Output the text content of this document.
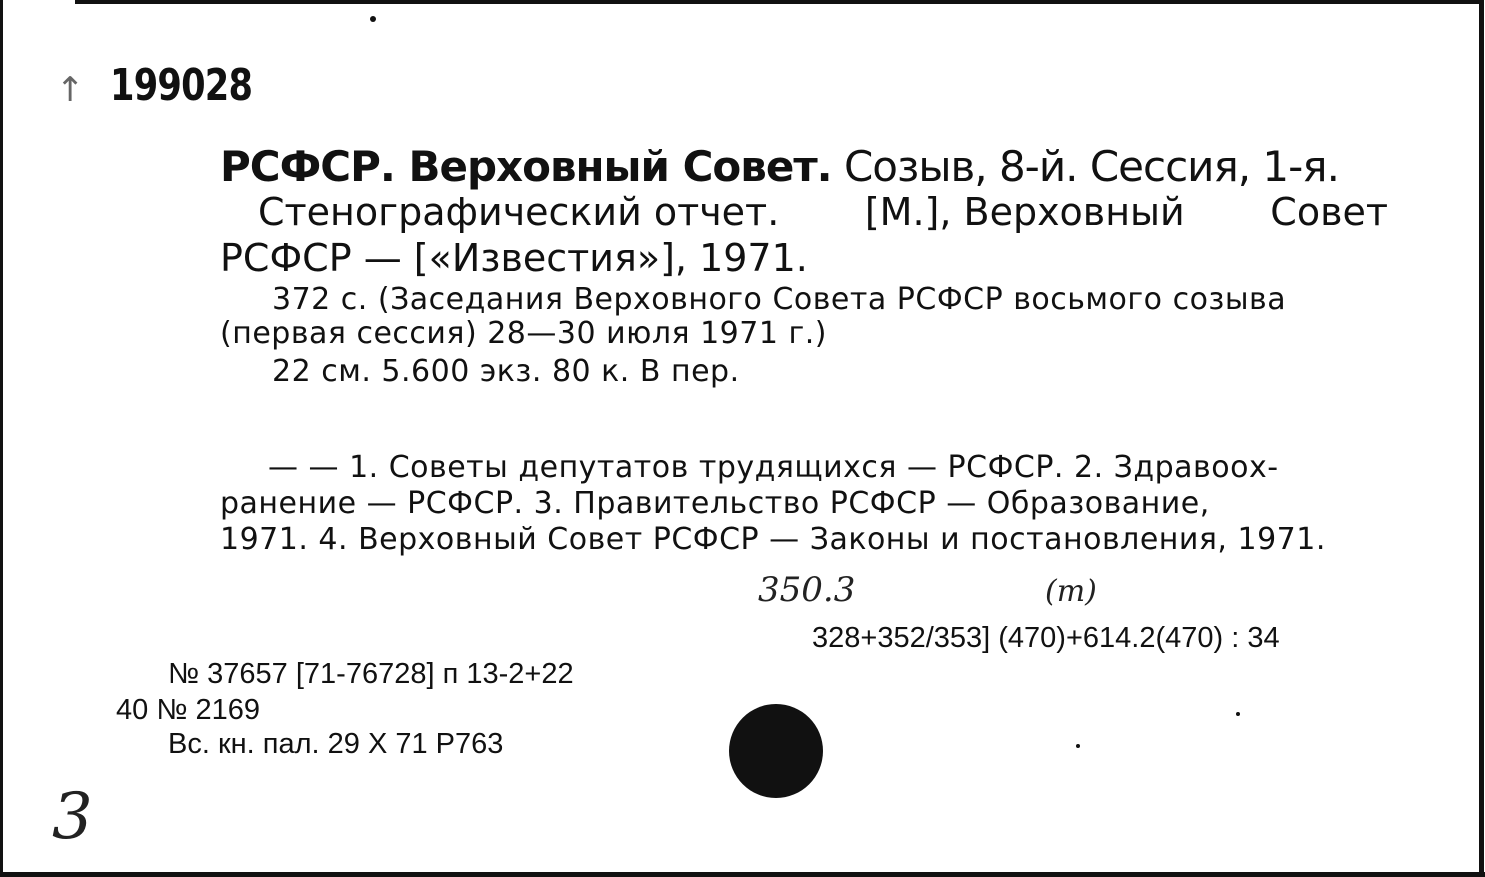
199028
↑
РСФСР. Верховный Совет. Созыв, 8-й. Сессия, 1-я.
Стенографический отчет. [М.], Верховный Совет
РСФСР — [«Известия»], 1971.
372 с. (Заседания Верховного Совета РСФСР восьмого созыва
(первая сессия) 28—30 июля 1971 г.)
22 см. 5.600 экз. 80 к. В пер.
— — 1. Советы депутатов трудящихся — РСФСР. 2. Здравоох-
ранение — РСФСР. 3. Правительство РСФСР — Образование,
1971. 4. Верховный Совет РСФСР — Законы и постановления, 1971.
350.3	(т)
328+352/353] (470)+614.2(470) : 34
№ 37657 [71-76728] п 13-2+22
40 № 2169
Вс. кн. пал. 29 X 71 Р763
3
